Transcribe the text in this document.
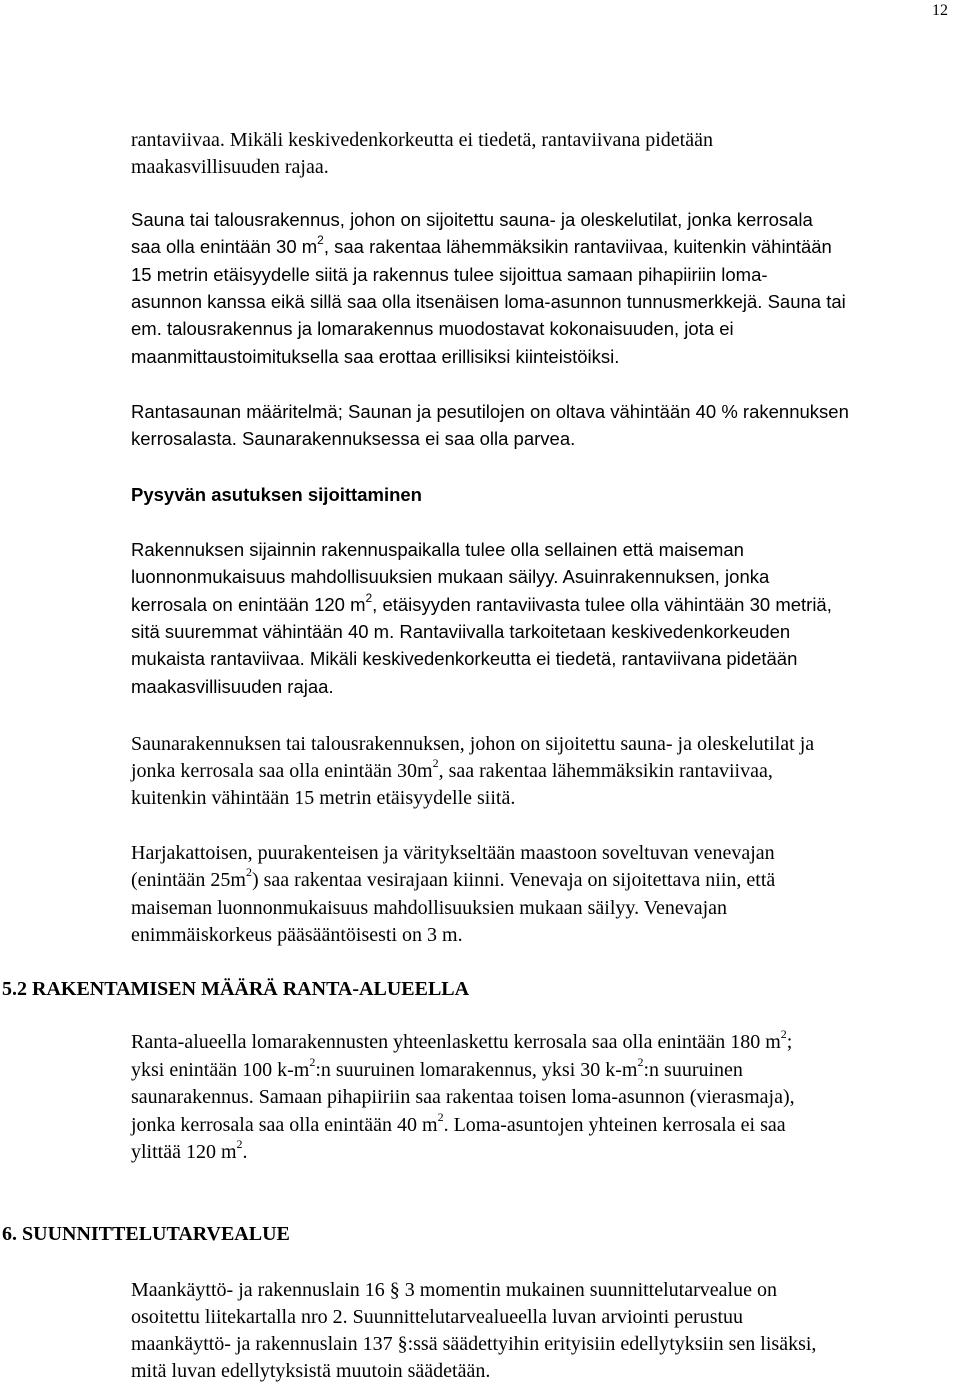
12
rantaviivaa. Mikäli keskivedenkorkeutta ei tiedetä, rantaviivana pidetään
maakasvillisuuden rajaa.
Sauna tai talousrakennus, johon on sijoitettu sauna- ja oleskelutilat, jonka kerrosala
saa olla enintään 30 $m^2$, saa rakentaa lähemmäksikin rantaviivaa, kuitenkin vähintään
15 metrin etäisyydelle siitä ja rakennus tulee sijoittua samaan pihapiiriin loma-
asunnon kanssa eikä sillä saa olla itsenäisen loma-asunnon tunnusmerkkejä. Sauna tai
em. talousrakennus ja lomarakennus muodostavat kokonaisuuden, jota ei
maanmittaustoimituksella saa erottaa erillisiksi kiinteistöiksi.
Rantasaunan määritelmä; Saunan ja pesutilojen on oltava vähintään 40 % rakennuksen
kerrosalasta. Saunarakennuksessa ei saa olla parvea.
Pysyvän asutuksen sijoittaminen
Rakennuksen sijainnin rakennuspaikalla tulee olla sellainen että maiseman
luonnonmukaisuus mahdollisuuksien mukaan säilyy. Asuinrakennuksen, jonka
kerrosala on enintään 120 $m^2$, etäisyyden rantaviivasta tulee olla vähintään 30 metriä,
sitä suuremmat vähintään 40 m. Rantaviivalla tarkoitetaan keskivedenkorkeuden
mukaista rantaviivaa. Mikäli keskivedenkorkeutta ei tiedetä, rantaviivana pidetään
maakasvillisuuden rajaa.
Saunarakennuksen tai talousrakennuksen, johon on sijoitettu sauna- ja oleskelutilat ja
jonka kerrosala saa olla enintään $30m^2$, saa rakentaa lähemmäksikin rantaviivaa,
kuitenkin vähintään 15 metrin etäisyydelle siitä.
Harjakattoisen, puurakenteisen ja väritykseltään maastoon soveltuvan venevajan
(enintään $25m^2$) saa rakentaa vesirajaan kiinni. Venevaja on sijoitettava niin, että
maiseman luonnonmukaisuus mahdollisuuksien mukaan säilyy. Venevajan
enimmäiskorkeus pääsääntöisesti on 3 m.
5.2 RAKENTAMISEN MÄÄRÄ RANTA-ALUEELLA
Ranta-alueella lomarakennusten yhteenlaskettu kerrosala saa olla enintään 180 $m^2$;
yksi enintään 100 $k-m^2:n$ suuruinen lomarakennus, yksi 30 $k-m^2:n$ suuruinen
saunarakennus. Samaan pihapiiriin saa rakentaa toisen loma-asunnon (vierasmaja),
jonka kerrosala saa olla enintään 40 $m^2$. Loma-asuntojen yhteinen kerrosala ei saa
ylittää 120 $m^2$.
6. SUUNNITTELUTARVEALUE
Maankäyttö- ja rakennuslain 16 § 3 momentin mukainen suunnittelutarvealue on
osoitettu liitekartalla nro 2. Suunnittelutarvealueella luvan arviointi perustuu
maankäyttö- ja rakennuslain 137 §:ssä säädettyihin erityisiin edellytyksiin sen lisäksi,
mitä luvan edellytyksistä muutoin säädetään.
